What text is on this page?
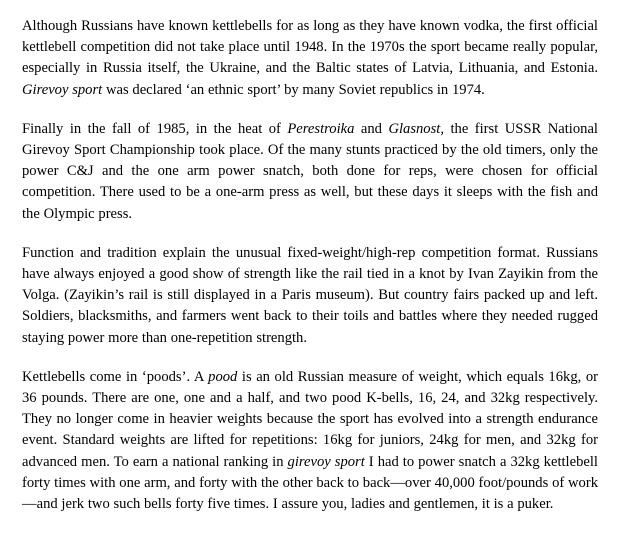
Although Russians have known kettlebells for as long as they have known vodka, the first official kettlebell competition did not take place until 1948. In the 1970s the sport became really popular, especially in Russia itself, the Ukraine, and the Baltic states of Latvia, Lithuania, and Estonia. Girevoy sport was declared ‘an ethnic sport’ by many Soviet republics in 1974.

Finally in the fall of 1985, in the heat of Perestroika and Glasnost, the first USSR National Girevoy Sport Championship took place. Of the many stunts practiced by the old timers, only the power C&J and the one arm power snatch, both done for reps, were chosen for official competition. There used to be a one-arm press as well, but these days it sleeps with the fish and the Olympic press.

Function and tradition explain the unusual fixed-weight/high-rep competition format. Russians have always enjoyed a good show of strength like the rail tied in a knot by Ivan Zayikin from the Volga. (Zayikin’s rail is still displayed in a Paris museum). But country fairs packed up and left. Soldiers, blacksmiths, and farmers went back to their toils and battles where they needed rugged staying power more than one-repetition strength.

Kettlebells come in ‘poods’. A pood is an old Russian measure of weight, which equals 16kg, or 36 pounds. There are one, one and a half, and two pood K-bells, 16, 24, and 32kg respectively. They no longer come in heavier weights because the sport has evolved into a strength endurance event. Standard weights are lifted for repetitions: 16kg for juniors, 24kg for men, and 32kg for advanced men. To earn a national ranking in girevoy sport I had to power snatch a 32kg kettlebell forty times with one arm, and forty with the other back to back—over 40,000 foot/pounds of work—and jerk two such bells forty five times. I assure you, ladies and gentlemen, it is a puker.
